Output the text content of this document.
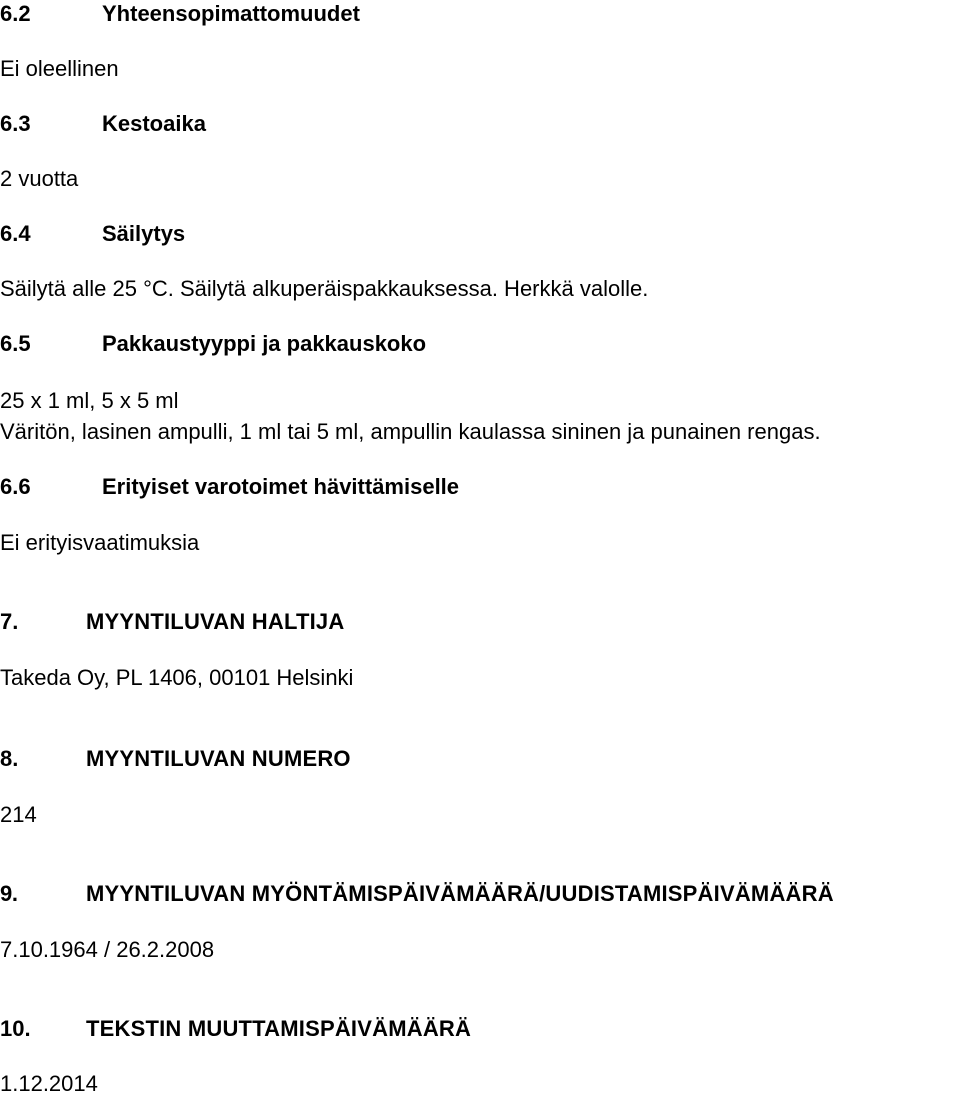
6.2	Yhteensopimattomuudet
Ei oleellinen
6.3	Kestoaika
2 vuotta
6.4	Säilytys
Säilytä alle 25 °C. Säilytä alkuperäispakkauksessa. Herkkä valolle.
6.5	Pakkaustyyppi ja pakkauskoko
25 x 1 ml, 5 x 5 ml
Väritön, lasinen ampulli, 1 ml tai 5 ml, ampullin kaulassa sininen ja punainen rengas.
6.6	Erityiset varotoimet hävittämiselle
Ei erityisvaatimuksia
7.	MYYNTILUVAN HALTIJA
Takeda Oy, PL 1406, 00101 Helsinki
8.	MYYNTILUVAN NUMERO
214
9.	MYYNTILUVAN MYÖNTÄMISPÄIVÄMÄÄRÄ/UUDISTAMISPÄIVÄMÄÄRÄ
7.10.1964 / 26.2.2008
10.	TEKSTIN MUUTTAMISPÄIVÄMÄÄRÄ
1.12.2014
